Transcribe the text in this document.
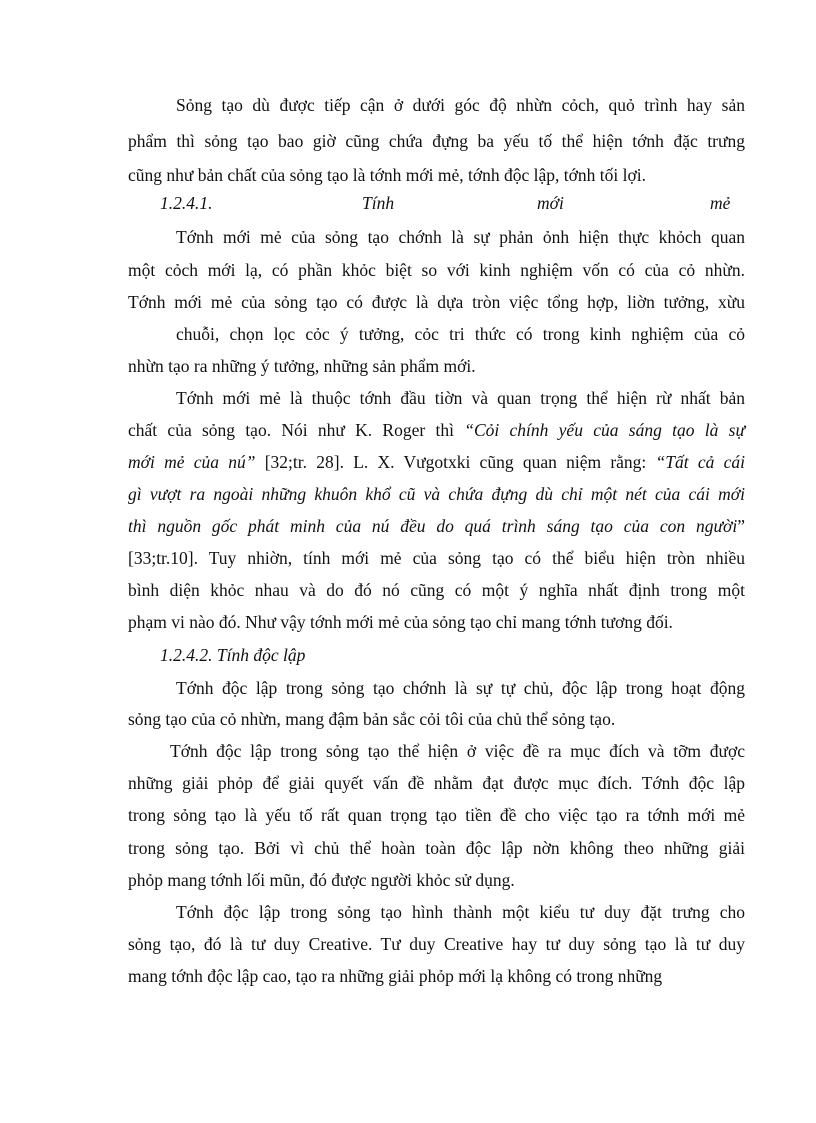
Sỏng tạo dù được tiếp cận ở dưới góc độ nhừn cỏch, quỏ trình hay sản
phẩm thì sỏng tạo bao giờ cũng chứa đựng ba yếu tố thể hiện tớnh đặc trưng
cũng như bản chất của sỏng tạo là tớnh mới mẻ, tớnh độc lập, tớnh tối lợi.
1.2.4.1.	Tính	mới	mẻ
Tớnh mới mẻ của sỏng tạo chớnh là sự phản ỏnh hiện thực khỏch quan
một cỏch mới lạ, có phần khỏc biệt so với kinh nghiệm vốn có của cỏ nhừn.
Tớnh mới mẻ của sỏng tạo có được là dựa tròn việc tổng hợp, liờn tưởng, xừu
chuỗi, chọn lọc cỏc ý tưởng, cỏc tri thức có trong kinh nghiệm của cỏ
nhừn tạo ra những ý tưởng, những sản phẩm mới.
Tớnh mới mẻ là thuộc tớnh đầu tiờn và quan trọng thể hiện rừ nhất bản
chất của sỏng tạo. Nói như K. Roger thì “Cỏi chính yếu của sáng tạo là sự
mới mẻ của nú” [32;tr. 28]. L. X. Vưgotxki cũng quan niệm rằng: “Tất cả cái
gì vượt ra ngoài những khuôn khổ cũ và chứa đựng dù chỉ một nét của cái mới
thì nguồn gốc phát minh của nú đều do quá trình sáng tạo của con người”
[33;tr.10]. Tuy nhiờn, tính mới mẻ của sỏng tạo có thể biểu hiện tròn nhiều
bình diện khỏc nhau và do đó nó cũng có một ý nghĩa nhất định trong một
phạm vi nào đó. Như vậy tớnh mới mẻ của sỏng tạo chỉ mang tớnh tương đối.
1.2.4.2. Tính độc lập
Tớnh độc lập trong sỏng tạo chớnh là sự tự chủ, độc lập trong hoạt động
sỏng tạo của cỏ nhừn, mang đậm bản sắc cỏi tôi của chủ thể sỏng tạo.
Tớnh độc lập trong sỏng tạo thể hiện ở việc đề ra mục đích và tỡm được
những giải phỏp để giải quyết vấn đề nhằm đạt được mục đích. Tớnh độc lập
trong sỏng tạo là yếu tố rất quan trọng tạo tiền đề cho việc tạo ra tớnh mới mẻ
trong sỏng tạo. Bởi vì chủ thể hoàn toàn độc lập nờn không theo những giải
phỏp mang tớnh lối mũn, đó được người khỏc sử dụng.
Tớnh độc lập trong sỏng tạo hình thành một kiểu tư duy đặt trưng cho
sỏng tạo, đó là tư duy Creative. Tư duy Creative hay tư duy sỏng tạo là tư duy
mang tớnh độc lập cao, tạo ra những giải phỏp mới lạ không có trong những
